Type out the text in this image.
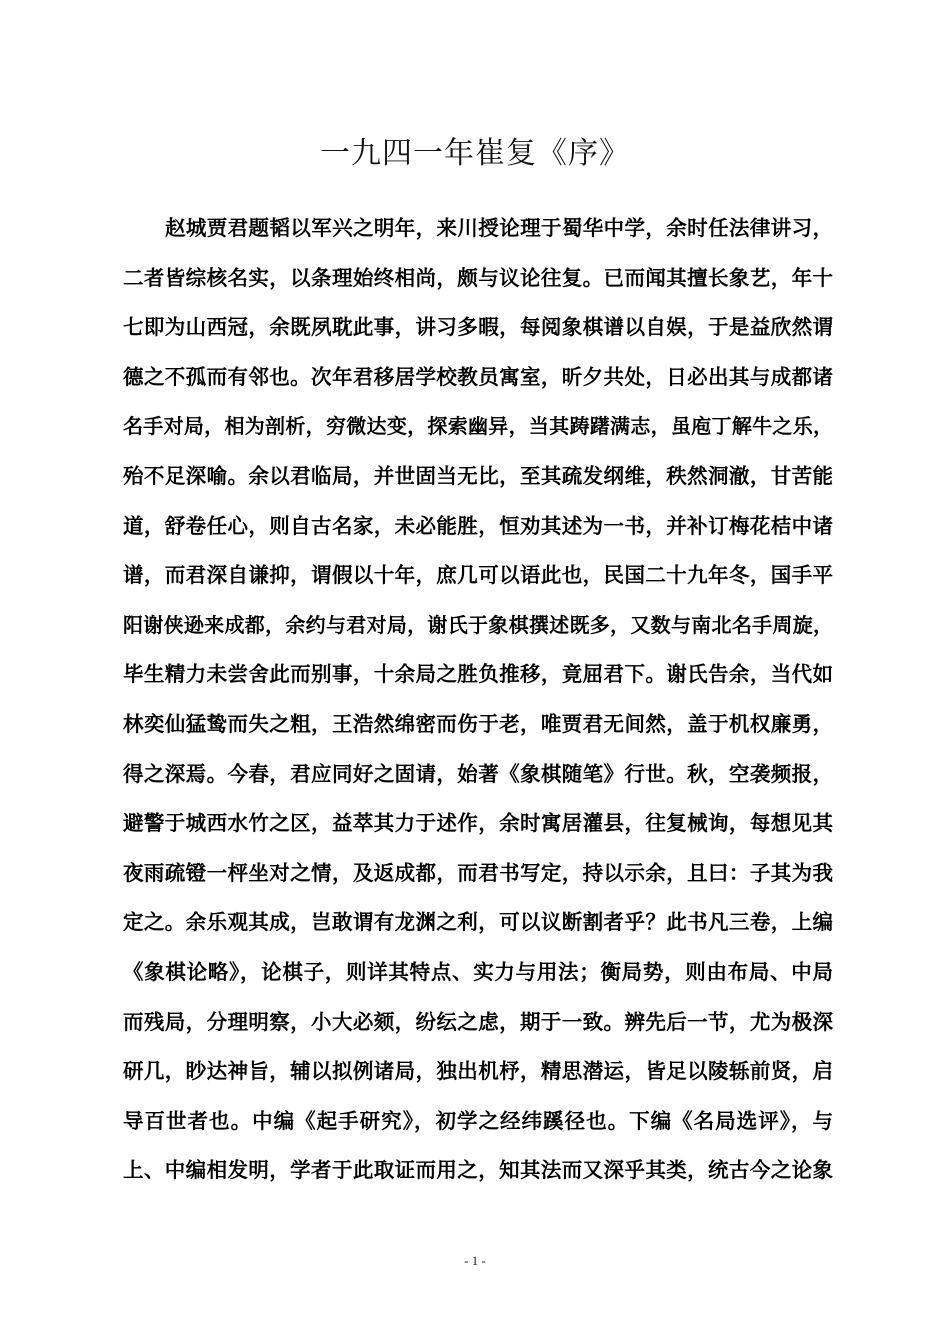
一九四一年崔复《序》
赵城贾君题韬以军兴之明年，来川授论理于蜀华中学，余时任法律讲习，
二者皆综核名实，以条理始终相尚，颇与议论往复。已而闻其擅长象艺，年十
七即为山西冠，余既夙耽此事，讲习多暇，每阅象棋谱以自娱，于是益欣然谓
德之不孤而有邻也。次年君移居学校教员寓室，昕夕共处，日必出其与成都诸
名手对局，相为剖析，穷微达变，探索幽异，当其踌躇满志，虽庖丁解牛之乐，
殆不足深喻。余以君临局，并世固当无比，至其疏发纲维，秩然洞澈，甘苦能
道，舒卷任心，则自古名家，未必能胜，恒劝其述为一书，并补订梅花桔中诸
谱，而君深自谦抑，谓假以十年，庶几可以语此也，民国二十九年冬，国手平
阳谢侠逊来成都，余约与君对局，谢氏于象棋撰述既多，又数与南北名手周旋，
毕生精力未尝舍此而别事，十余局之胜负推移，竟屈君下。谢氏告余，当代如
林奕仙猛鸷而失之粗，王浩然绵密而伤于老，唯贾君无间然，盖于机权廉勇，
得之深焉。今春，君应同好之固请，始著《象棋随笔》行世。秋，空袭频报，
避警于城西水竹之区，益萃其力于述作，余时寓居灌县，往复械询，每想见其
夜雨疏镫一枰坐对之情，及返成都，而君书写定，持以示余，且曰：子其为我
定之。余乐观其成，岂敢谓有龙渊之利，可以议断割者乎？此书凡三卷，上编
《象棋论略》，论棋子，则详其特点、实力与用法；衡局势，则由布局、中局
而残局，分理明察，小大必颏，纷纭之虑，期于一致。辨先后一节，尤为极深
研几，眇达神旨，辅以拟例诸局，独出机杼，精思潜运，皆足以陵轹前贤，启
导百世者也。中编《起手研究》，初学之经纬蹊径也。下编《名局选评》，与
上、中编相发明，学者于此取证而用之，知其法而又深乎其类，统古今之论象
- 1 -
